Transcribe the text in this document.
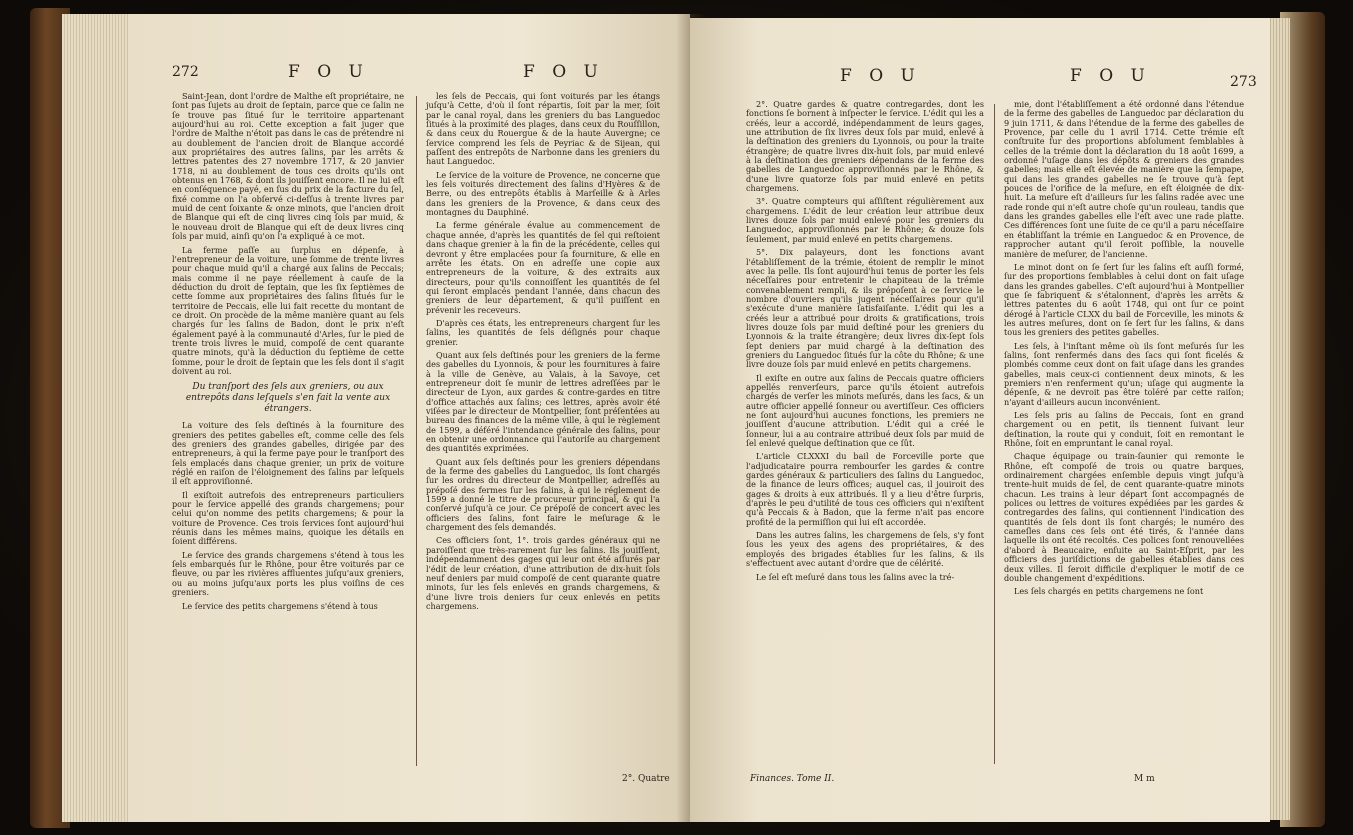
272	F O U	F O U

Saint-Jean, dont l'ordre de Malthe eſt propriétaire, ne ſont pas ſujets au droit de ſeptain, parce que ce ſalin ne ſe trouve pas ſitué ſur le territoire appartenant aujourd'hui au roi. Cette exception a fait juger que l'ordre de Malthe n'étoit pas dans le cas de prétendre ni au doublement de l'ancien droit de Blanque accordé aux propriétaires des autres ſalins, par les arrêts & lettres patentes des 27 novembre 1717, & 20 janvier 1718, ni au doublement de tous ces droits qu'ils ont obtenus en 1768, & dont ils jouiſſent encore. Il ne lui eſt en conſéquence payé, en ſus du prix de la facture du ſel, fixé comme on l'a obſervé ci-deſſus à trente livres par muid de cent ſoixante & onze minots, que l'ancien droit de Blanque qui eſt de cinq livres cinq ſols par muid, & le nouveau droit de Blanque qui eſt de deux livres cinq ſols par muid, ainſi qu'on l'a expliqué à ce mot.

La ferme paſſe au ſurplus en dépenſe, à l'entrepreneur de la voiture, une ſomme de trente livres pour chaque muid qu'il a chargé aux ſalins de Peccais; mais comme il ne paye réellement à cauſe de la déduction du droit de ſeptain, que les ſix ſeptièmes de cette ſomme aux propriétaires des ſalins ſitués ſur le territoire de Peccais, elle lui fait recette du montant de ce droit. On procède de la même manière quant au ſels chargés ſur les ſalins de Badon, dont le prix n'eſt également payé à la communauté d'Arles, ſur le pied de trente trois livres le muid, compoſé de cent quarante quatre minots, qu'à la déduction du ſeptième de cette ſomme, pour le droit de ſeptain que les ſels dont il s'agit doivent au roi.

Du tranſport des ſels aux greniers, ou aux entrepôts dans leſquels s'en fait la vente aux étrangers.

La voiture des ſels deſtinés à la fourniture des greniers des petites gabelles eſt, comme celle des ſels des greniers des grandes gabelles, dirigée par des entrepreneurs, à qui la ferme paye pour le tranſport des ſels emplacés dans chaque grenier, un prix de voiture réglé en raiſon de l'éloignement des ſalins par leſquels il eſt approviſionné.

Il exiſtoit autrefois des entrepreneurs particuliers pour le ſervice appellé des grands chargemens; pour celui qu'on nomme des petits chargemens; & pour la voiture de Provence. Ces trois ſervices ſont aujourd'hui réunis dans les mêmes mains, quoique les détails en ſoient différens.

Le ſervice des grands chargemens s'étend à tous les ſels embarqués ſur le Rhône, pour être voiturés par ce fleuve, ou par les rivières affluentes juſqu'aux greniers, ou au moins juſqu'aux ports les plus voiſins de ces greniers.

Le ſervice des petits chargemens s'étend à tous

les ſels de Peccais, qui ſont voiturés par les étangs juſqu'à Cette, d'où il ſont répartis, ſoit par la mer, ſoit par le canal royal, dans les greniers du bas Languedoc ſitués à la proximité des plages, dans ceux du Rouſſillon, & dans ceux du Rouergue & de la haute Auvergne; ce ſervice comprend les ſels de Peyriac & de Sijean, qui paſſent des entrepôts de Narbonne dans les greniers du haut Languedoc.

Le ſervice de la voiture de Provence, ne concerne que les ſels voiturés directement des ſalins d'Hyères & de Berre, ou des entrepôts établis à Marſeille & à Arles dans les greniers de la Provence, & dans ceux des montagnes du Dauphiné.

La ferme générale évalue au commencement de chaque année, d'après les quantités de ſel qui reſtoient dans chaque grenier à la fin de la précédente, celles qui devront y être emplacées pour ſa fourniture, & elle en arrête les états. On en adreſſe une copie aux entrepreneurs de la voiture, & des extraits aux directeurs, pour qu'ils connoiſſent les quantités de ſel qui ſeront emplacés pendant l'année, dans chacun des greniers de leur département, & qu'il puiſſent en prévenir les receveurs.

D'après ces états, les entrepreneurs chargent ſur les ſalins, les quantités de ſels déſignés pour chaque grenier.

Quant aux ſels deſtinés pour les greniers de la ferme des gabelles du Lyonnois, & pour les fournitures à faire à la ville de Genève, au Valais, à la Savoye, cet entrepreneur doit ſe munir de lettres adreſſées par le directeur de Lyon, aux gardes & contre-gardes en titre d'office attachés aux ſalins; ces lettres, après avoir été viſées par le directeur de Montpellier, ſont préſentées au bureau des finances de la même ville, à qui le règlement de 1599, a déféré l'intendance générale des ſalins, pour en obtenir une ordonnance qui l'autoriſe au chargement des quantités exprimées.

Quant aux ſels deſtinés pour les greniers dépendans de la ferme des gabelles du Languedoc, ils ſont chargés ſur les ordres du directeur de Montpellier, adreſſés au prépoſé des fermes ſur les ſalins, à qui le réglement de 1599 a donné le titre de procureur principal, & qui l'a conſervé juſqu'à ce jour. Ce prépoſé de concert avec les officiers des ſalins, font faire le meſurage & le chargement des ſels demandés.

Ces officiers ſont, 1°. trois gardes généraux qui ne paroiſſent que très-rarement ſur les ſalins. Ils jouiſſent, indépendamment des gages qui leur ont été aſſurés par l'édit de leur création, d'une attribution de dix-huit ſols neuf deniers par muid compoſé de cent quarante quatre minots, ſur les ſels enlevés en grands chargemens, & d'une livre trois deniers ſur ceux enlevés en petits chargemens.

2°. Quatre
F O U	F O U	273

2°. Quatre gardes & quatre contregardes, dont les fonctions ſe bornent à inſpecter le ſervice. L'édit qui les a créés, leur a accordé, indépendamment de leurs gages, une attribution de ſix livres deux ſols par muid, enlevé à la deſtination des greniers du Lyonnois, ou pour la traite étrangère; de quatre livres dix-huit ſols, par muid enlevé à la deſtination des greniers dépendans de la ferme des gabelles de Languedoc approviſionnés par le Rhône, & d'une livre quatorze ſols par muid enlevé en petits chargemens.

3°. Quatre compteurs qui aſſiſtent régulièrement aux chargemens. L'édit de leur création leur attribue deux livres douze ſols par muid enlevé pour les greniers du Languedoc, approviſionnés par le Rhône; & douze ſols ſeulement, par muid enlevé en petits chargemens.

5°. Dix palayeurs, dont les fonctions avant l'établiſſement de la trémie, étoient de remplir le minot avec la pelle. Ils ſont aujourd'hui tenus de porter les ſels néceſſaires pour entretenir le chapiteau de la trémie convenablement rempli, & ils prépoſent à ce ſervice le nombre d'ouvriers qu'ils jugent néceſſaires pour qu'il s'exécute d'une manière ſatisfaiſante. L'édit qui les a créés leur a attribué pour droits & gratifications, trois livres douze ſols par muid deſtiné pour les greniers du Lyonnois & la traite étrangère; deux livres dix-ſept ſols ſept deniers par muid chargé à la deſtination des greniers du Languedoc ſitués ſur la côte du Rhône; & une livre douze ſols par muid enlevé en petits chargemens.

Il exiſte en outre aux ſalins de Peccais quatre officiers appellés renverſeurs, parce qu'ils étoient autrefois chargés de verſer les minots meſurés, dans les ſacs, & un autre officier appellé ſonneur ou avertiſſeur. Ces officiers ne ſont aujourd'hui aucunes fonctions, les premiers ne jouiſſent d'aucune attribution. L'édit qui a créé le ſonneur, lui a au contraire attribué deux ſols par muid de ſel enlevé quelque deſtination que ce ſût.

L'article CLXXXI du bail de Forceville porte que l'adjudicataire pourra rembourſer les gardes & contre gardes généraux & particuliers des ſalins du Languedoc, de la finance de leurs offices; auquel cas, il jouiroit des gages & droits à eux attribués. Il y a lieu d'être ſurpris, d'après le peu d'utilité de tous ces officiers qui n'exiſtent qu'à Peccais & à Badon, que la ferme n'ait pas encore profité de la permiſſion qui lui eſt accordée.

Dans les autres ſalins, les chargemens de ſels, s'y font ſous les yeux des agens des propriétaires, & des employés des brigades établies ſur les ſalins, & ils s'effectuent avec autant d'ordre que de célérité.

Le ſel eſt meſuré dans tous les ſalins avec la tré-

mie, dont l'établiſſement a été ordonné dans l'étendue de la ferme des gabelles de Languedoc par déclaration du 9 juin 1711, & dans l'étendue de la ferme des gabelles de Provence, par celle du 1 avril 1714. Cette trémie eſt conſtruite ſur des proportions abſolument ſemblables à celles de la trémie dont la déclaration du 18 août 1699, a ordonné l'uſage dans les dépôts & greniers des grandes gabelles; mais elle eſt élevée de manière que la ſempape, qui dans les grandes gabelles ne ſe trouve qu'à ſept pouces de l'orifice de la meſure, en eſt éloignée de dix-huit. La meſure eſt d'ailleurs ſur les ſalins radée avec une rade ronde qui n'eſt autre choſe qu'un rouleau, tandis que dans les grandes gabelles elle l'eſt avec une rade platte. Ces différences ſont une ſuite de ce qu'il a paru néceſſaire en établiſſant la trémie en Languedoc & en Provence, de rapprocher autant qu'il ſeroit poſſible, la nouvelle manière de meſurer, de l'ancienne.

Le minot dont on ſe ſert ſur les ſalins eſt auſſi formé, ſur des proportions ſemblables à celui dont on fait uſage dans les grandes gabelles. C'eſt aujourd'hui à Montpellier que ſe fabriquent & s'étalonnent, d'après les arrêts & lettres patentes du 6 août 1748, qui ont ſur ce point dérogé à l'article CLXX du bail de Forceville, les minots & les autres meſures, dont on ſe ſert ſur les ſalins, & dans tous les greniers des petites gabelles.

Les ſels, à l'inſtant même où ils ſont meſurés ſur les ſalins, ſont renfermés dans des ſacs qui ſont ficelés & plombés comme ceux dont on fait uſage dans les grandes gabelles, mais ceux-ci contiennent deux minots, & les premiers n'en renferment qu'un; uſage qui augmente la dépenſe, & ne devroit pas être toléré par cette raiſon; n'ayant d'ailleurs aucun inconvénient.

Les ſels pris au ſalins de Peccais, ſont en grand chargement ou en petit, ils tiennent ſuivant leur deſtination, la route qui y conduit, ſoit en remontant le Rhône, ſoit en empruntant le canal royal.

Chaque équipage ou train-ſaunier qui remonte le Rhône, eſt compoſé de trois ou quatre barques, ordinairement chargées enſemble depuis vingt juſqu'à trente-huit muids de ſel, de cent quarante-quatre minots chacun. Les trains à leur départ ſont accompagnés de polices ou lettres de voitures expédiées par les gardes & contregardes des ſalins, qui contiennent l'indication des quantités de ſels dont ils ſont chargés; le numéro des cameſles dans ces ſels ont été tirés, & l'année dans laquelle ils ont été recoltés. Ces polices ſont renouvellées d'abord à Beaucaire, enſuite au Saint-Eſprit, par les officiers des juriſdictions de gabelles établies dans ces deux villes. Il ſeroit difficile d'expliquer le motif de ce double changement d'expéditions.

Les ſels chargés en petits chargemens ne ſont

Finances. Tome II.	M m
